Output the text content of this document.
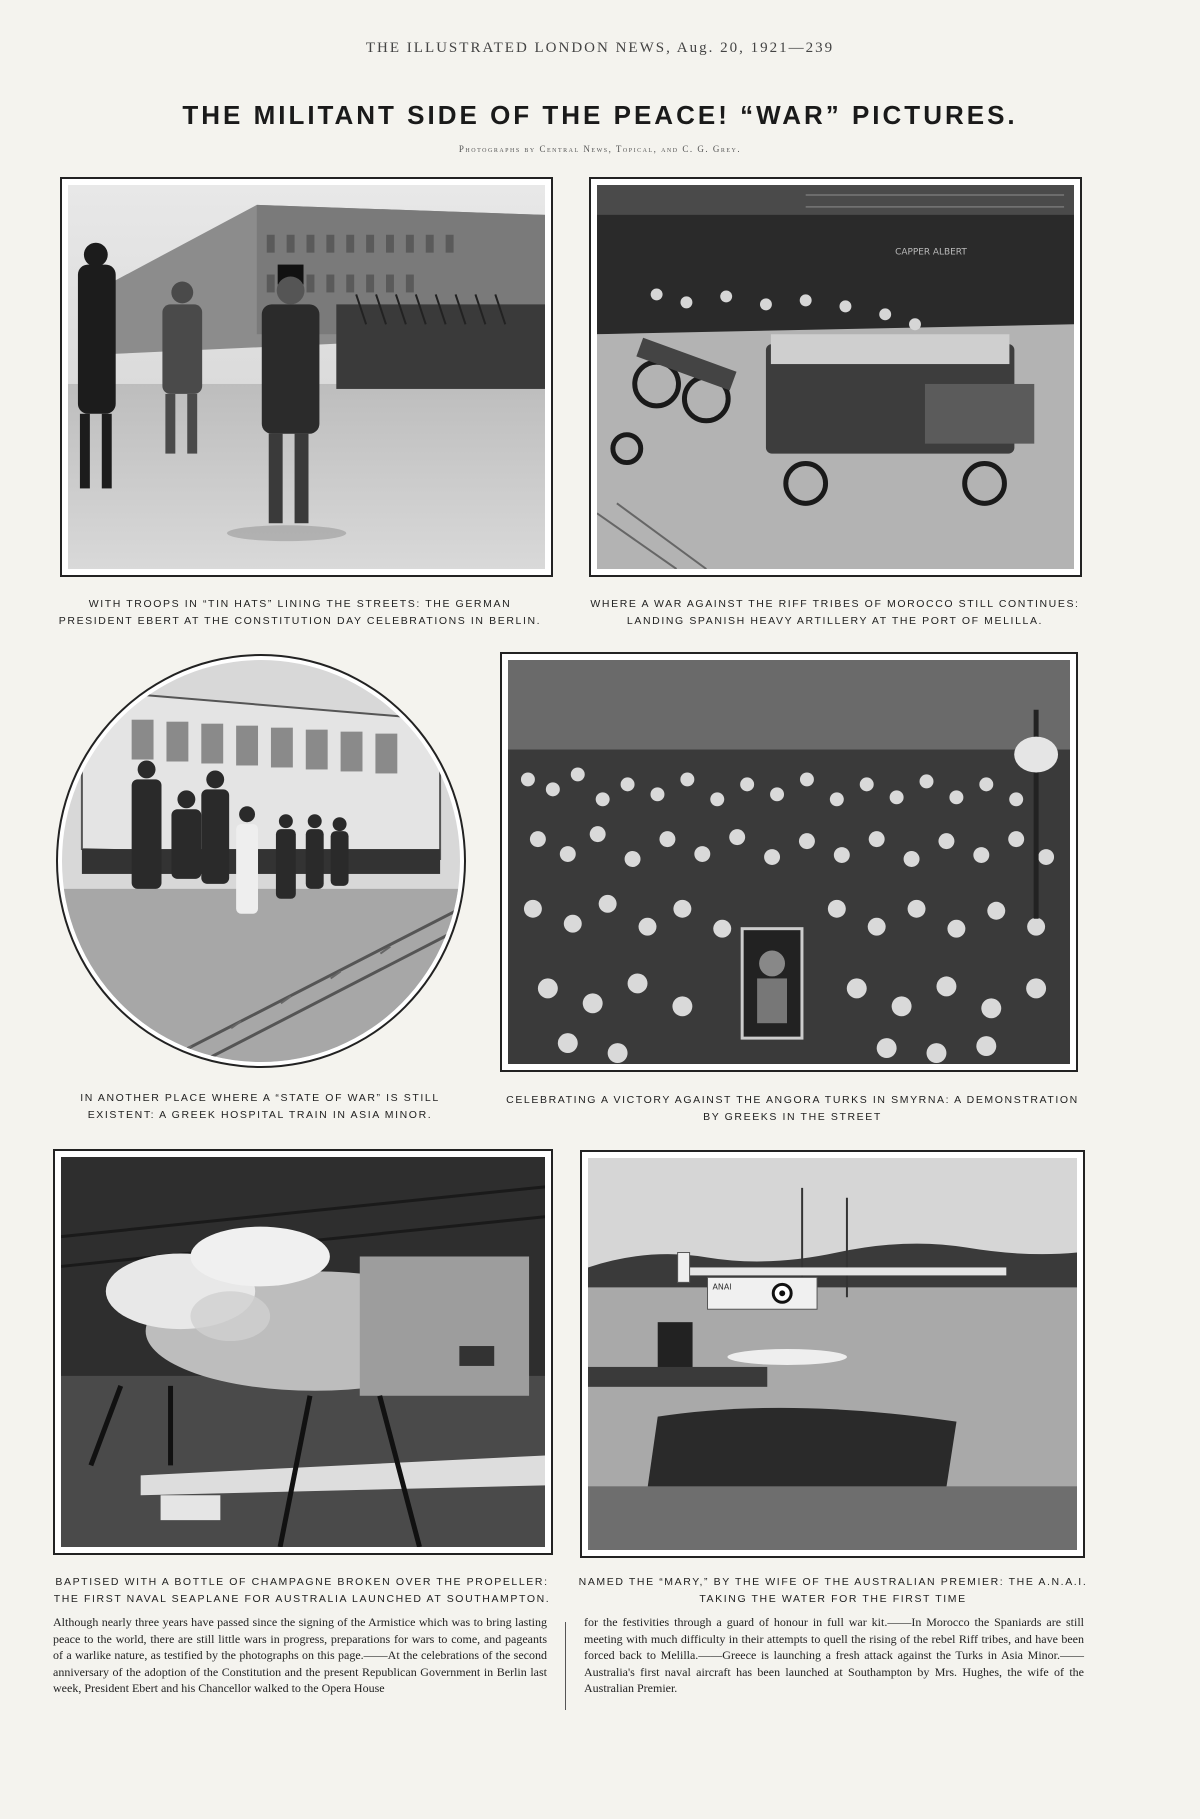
THE ILLUSTRATED LONDON NEWS, Aug. 20, 1921—239
THE MILITANT SIDE OF THE PEACE! “WAR” PICTURES.
Photographs by Central News, Topical, and C. G. Grey.
WITH TROOPS IN “TIN HATS” LINING THE STREETS: THE GERMAN PRESIDENT EBERT AT THE CONSTITUTION DAY CELEBRATIONS IN BERLIN.
CAPPER ALBERT
WHERE A WAR AGAINST THE RIFF TRIBES OF MOROCCO STILL CONTINUES: LANDING SPANISH HEAVY ARTILLERY AT THE PORT OF MELILLA.
IN ANOTHER PLACE WHERE A “STATE OF WAR” IS STILL EXISTENT: A GREEK HOSPITAL TRAIN IN ASIA MINOR.
CELEBRATING A VICTORY AGAINST THE ANGORA TURKS IN SMYRNA: A DEMONSTRATION BY GREEKS IN THE STREET
BAPTISED WITH A BOTTLE OF CHAMPAGNE BROKEN OVER THE PROPELLER: THE FIRST NAVAL SEAPLANE FOR AUSTRALIA LAUNCHED AT SOUTHAMPTON.
ANAI
NAMED THE “MARY,” BY THE WIFE OF THE AUSTRALIAN PREMIER: THE A.N.A.I. TAKING THE WATER FOR THE FIRST TIME
Although nearly three years have passed since the signing of the Armistice which was to bring lasting peace to the world, there are still little wars in progress, preparations for wars to come, and pageants of a warlike nature, as testified by the photographs on this page.——At the celebrations of the second anniversary of the adoption of the Constitution and the present Republican Government in Berlin last week, President Ebert and his Chancellor walked to the Opera House
for the festivities through a guard of honour in full war kit.——In Morocco the Spaniards are still meeting with much difficulty in their attempts to quell the rising of the rebel Riff tribes, and have been forced back to Melilla.——Greece is launching a fresh attack against the Turks in Asia Minor.——Australia's first naval aircraft has been launched at Southampton by Mrs. Hughes, the wife of the Australian Premier.
